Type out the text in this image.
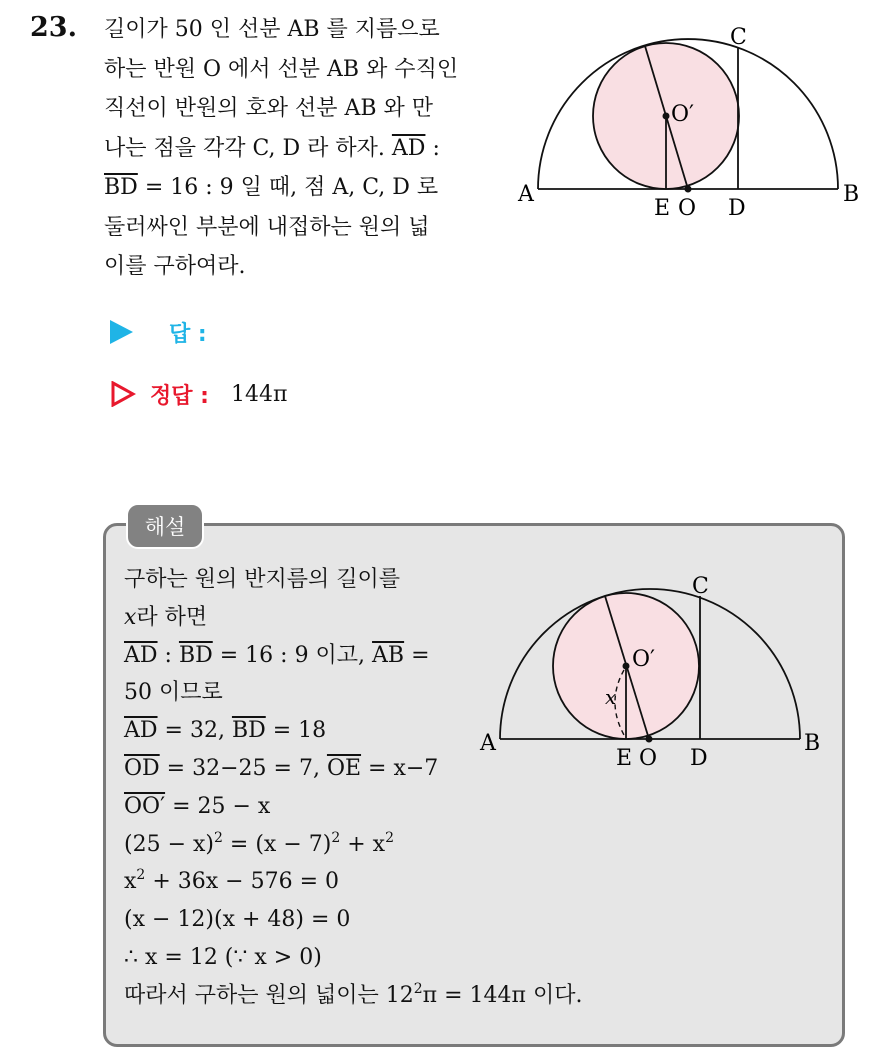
23. 길이가 50 인 선분 AB 를 지름으로
하는 반원 O 에서 선분 AB 와 수직인
직선이 반원의 호와 선분 AB 와 만
나는 점을 각각 C, D 라 하자. $\overline{AD}$ :
$\overline{BD} = 16$ : 9 일 때, 점 A, C, D 로
둘러싸인 부분에 내접하는 원의 넓
이를 구하여라.
C
O′
A	B
E O D
답 :
정답 : 144π
해설
구하는 원의 반지름의 길이를
x라 하면
$\overline{AD}$ : $\overline{BD} = 16$ : 9 이고, $\overline{AB}$ =
50 이므로
$\overline{AD} = 32$, $\overline{BD} = 18$
$\overline{OD} = 32-25 = 7$, $\overline{OE} = x-7$
OO′ = 25 − x
$(25 - x)^2 = (x - 7)^2 + x^2$
$x^2 + 36x - 576 = 0$
(x − 12)(x + 48) = 0
∴ x = 12 (∵ x > 0)
따라서 구하는 원의 넓이는 $12^2\pi = 144\pi$ 이다.
C
O′
x
A	B
E O D
